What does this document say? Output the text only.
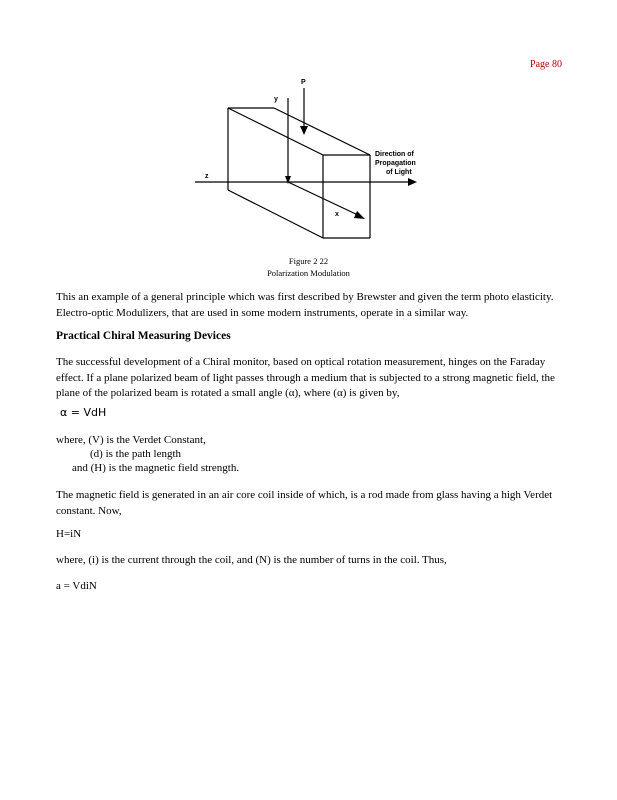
Page 80
P
y
z
x
Direction of
Propagation
of Light
Figure 2 22
Polarization Modulation
This an example of a general principle which was first described by Brewster and given the term photo elasticity. Electro-optic Modulizers, that are used in some modern instruments, operate in a similar way.
Practical Chiral Measuring Devices
The successful development of a Chiral monitor, based on optical rotation measurement, hinges on the Faraday effect. If a plane polarized beam of light passes through a medium that is subjected to a strong magnetic field, the plane of the polarized beam is rotated a small angle (α), where (α) is given by,
α = VdH
where, (V) is the Verdet Constant,
(d) is the path length
and (H) is the magnetic field strength.
The magnetic field is generated in an air core coil inside of which, is a rod made from glass having a high Verdet constant. Now,
H=iN
where, (i) is the current through the coil, and (N) is the number of turns in the coil. Thus,
a = VdiN
